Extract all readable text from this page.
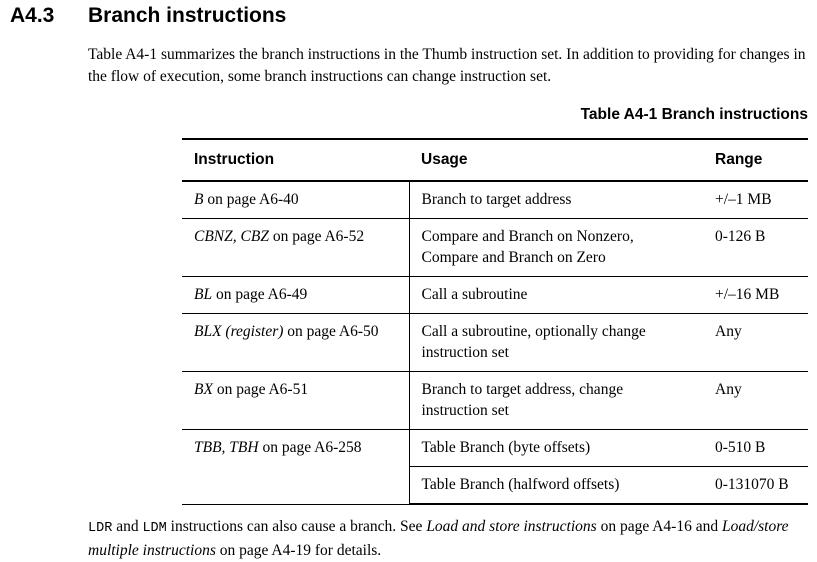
A4.3 Branch instructions
Table A4-1 summarizes the branch instructions in the Thumb instruction set. In addition to providing for changes in the flow of execution, some branch instructions can change instruction set.
Table A4-1 Branch instructions
Instruction	Usage	Range
B on page A6-40	Branch to target address	+/–1 MB
CBNZ, CBZ on page A6-52	Compare and Branch on Nonzero, Compare and Branch on Zero	0-126 B
BL on page A6-49	Call a subroutine	+/–16 MB
BLX (register) on page A6-50	Call a subroutine, optionally change instruction set	Any
BX on page A6-51	Branch to target address, change instruction set	Any
TBB, TBH on page A6-258	Table Branch (byte offsets)	0-510 B
	Table Branch (halfword offsets)	0-131070 B
LDR and LDM instructions can also cause a branch. See Load and store instructions on page A4-16 and Load/store multiple instructions on page A4-19 for details.
